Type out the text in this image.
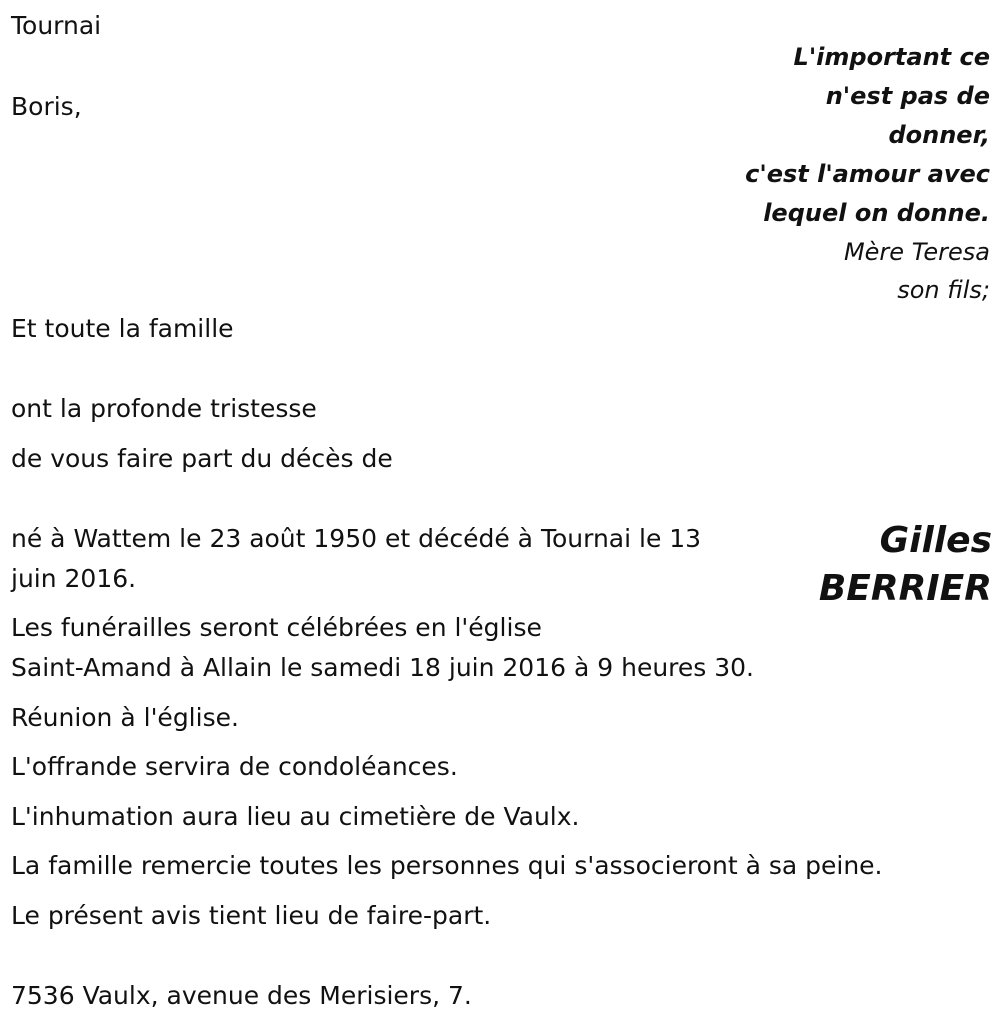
Tournai
Boris,
L'important ce
n'est pas de
donner,
c'est l'amour avec
lequel on donne.
Mère Teresa
son fils;
Et toute la famille
ont la profonde tristesse
de vous faire part du décès de
Gilles
BERRIER
né à Wattem le 23 août 1950 et décédé à Tournai le 13 juin 2016.
Les funérailles seront célébrées en l'église
Saint-Amand à Allain le samedi 18 juin 2016 à 9 heures 30.
Réunion à l'église.
L'offrande servira de condoléances.
L'inhumation aura lieu au cimetière de Vaulx.
La famille remercie toutes les personnes qui s'associeront à sa peine.
Le présent avis tient lieu de faire-part.
7536 Vaulx, avenue des Merisiers, 7.
